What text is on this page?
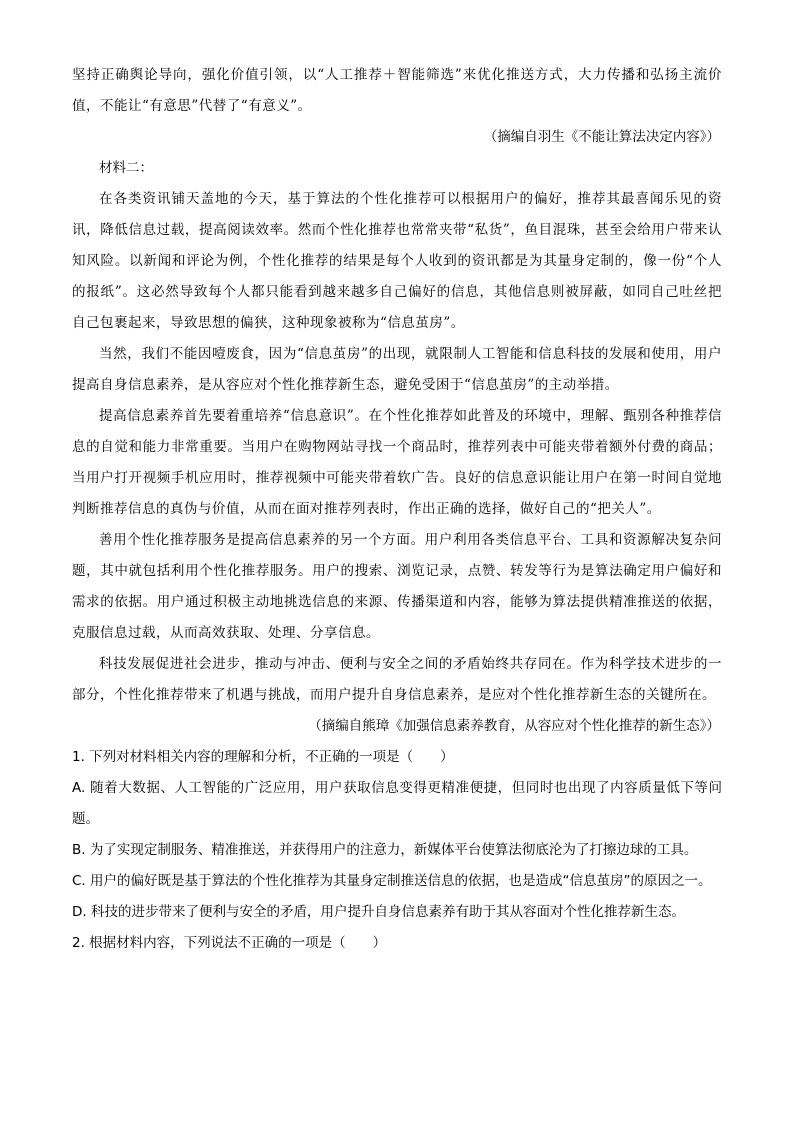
坚持正确舆论导向，强化价值引领，以“人工推荐＋智能筛选”来优化推送方式，大力传播和弘扬主流价值，不能让“有意思”代替了“有意义”。

（摘编自羽生《不能让算法决定内容》）

材料二：

在各类资讯铺天盖地的今天，基于算法的个性化推荐可以根据用户的偏好，推荐其最喜闻乐见的资讯，降低信息过载，提高阅读效率。然而个性化推荐也常常夹带“私货”，鱼目混珠，甚至会给用户带来认知风险。以新闻和评论为例，个性化推荐的结果是每个人收到的资讯都是为其量身定制的，像一份“个人的报纸”。这必然导致每个人都只能看到越来越多自己偏好的信息，其他信息则被屏蔽，如同自己吐丝把自己包裹起来，导致思想的偏狭，这种现象被称为“信息茧房”。

当然，我们不能因噎废食，因为“信息茧房”的出现，就限制人工智能和信息科技的发展和使用，用户提高自身信息素养，是从容应对个性化推荐新生态，避免受困于“信息茧房”的主动举措。

提高信息素养首先要着重培养“信息意识”。在个性化推荐如此普及的环境中，理解、甄别各种推荐信息的自觉和能力非常重要。当用户在购物网站寻找一个商品时，推荐列表中可能夹带着额外付费的商品；当用户打开视频手机应用时，推荐视频中可能夹带着软广告。良好的信息意识能让用户在第一时间自觉地判断推荐信息的真伪与价值，从而在面对推荐列表时，作出正确的选择，做好自己的“把关人”。

善用个性化推荐服务是提高信息素养的另一个方面。用户利用各类信息平台、工具和资源解决复杂问题，其中就包括利用个性化推荐服务。用户的搜索、浏览记录，点赞、转发等行为是算法确定用户偏好和需求的依据。用户通过积极主动地挑选信息的来源、传播渠道和内容，能够为算法提供精准推送的依据，克服信息过载，从而高效获取、处理、分享信息。

科技发展促进社会进步，推动与冲击、便利与安全之间的矛盾始终共存同在。作为科学技术进步的一部分，个性化推荐带来了机遇与挑战，而用户提升自身信息素养，是应对个性化推荐新生态的关键所在。

（摘编自熊璋《加强信息素养教育，从容应对个性化推荐的新生态》）

1. 下列对材料相关内容的理解和分析，不正确的一项是（　　）

A. 随着大数据、人工智能的广泛应用，用户获取信息变得更精准便捷，但同时也出现了内容质量低下等问题。

B. 为了实现定制服务、精准推送，并获得用户的注意力，新媒体平台使算法彻底沦为了打擦边球的工具。

C. 用户的偏好既是基于算法的个性化推荐为其量身定制推送信息的依据，也是造成“信息茧房”的原因之一。

D. 科技的进步带来了便利与安全的矛盾，用户提升自身信息素养有助于其从容面对个性化推荐新生态。

2. 根据材料内容，下列说法不正确的一项是（　　）
